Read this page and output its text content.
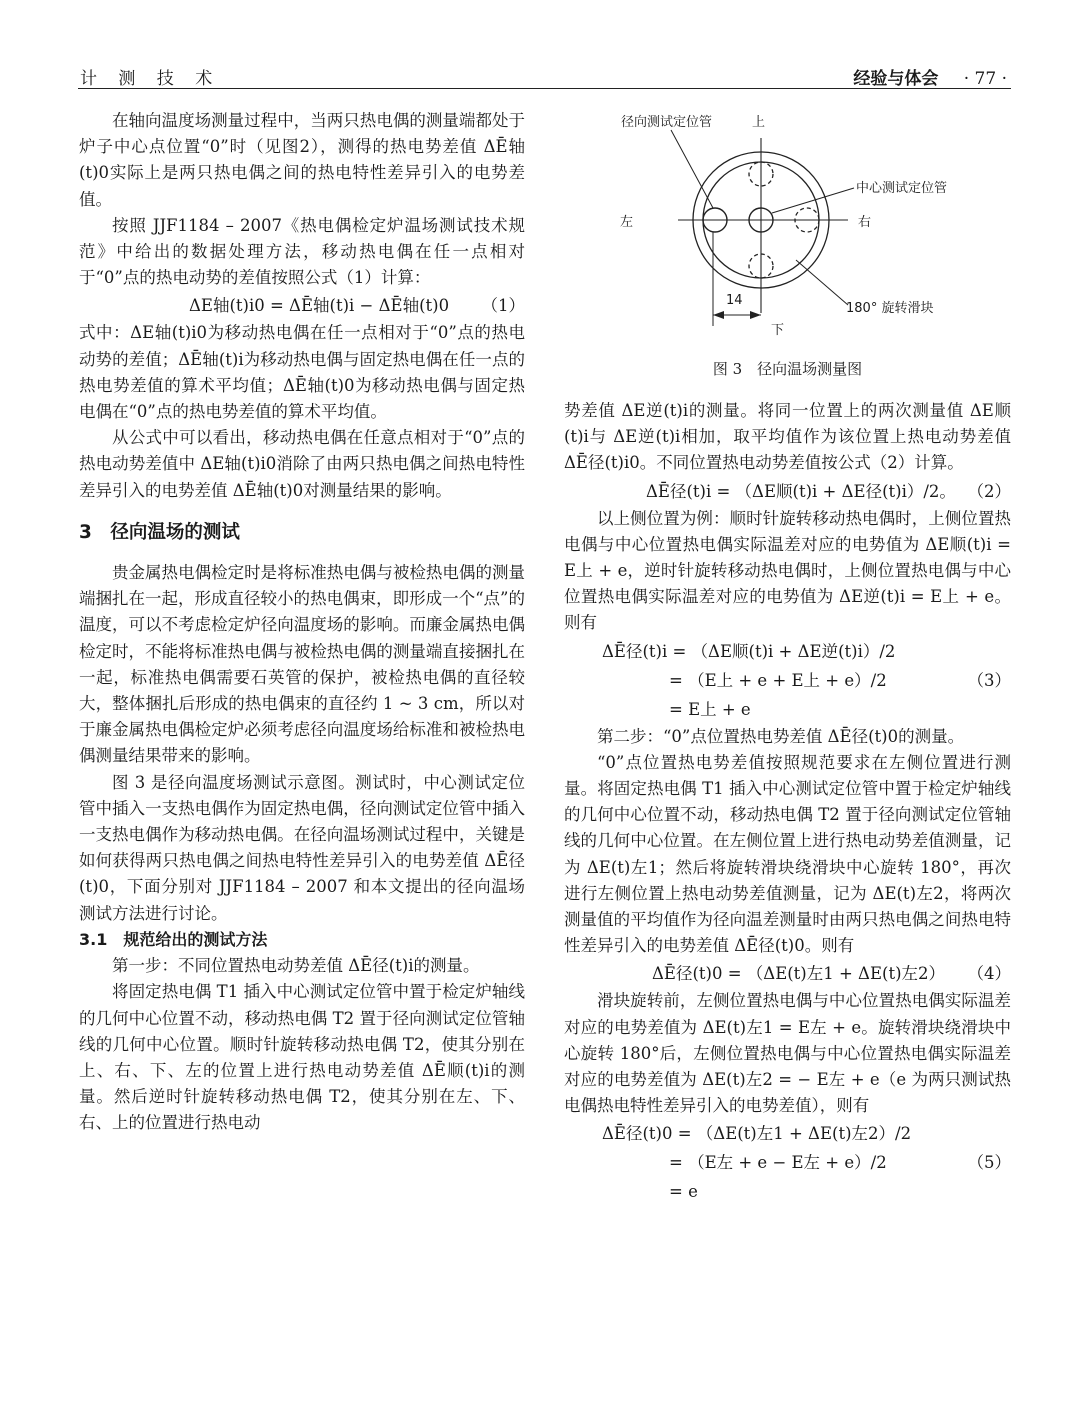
计 测 技 术	经验与体会 · 77 ·

在轴向温度场测量过程中，当两只热电偶的测量端都处于炉子中心点位置“0”时（见图2），测得的热电势差值 ΔĒ轴(t)0实际上是两只热电偶之间的热电特性差异引入的电势差值。

按照 JJF1184 – 2007《热电偶检定炉温场测试技术规范》中给出的数据处理方法，移动热电偶在任一点相对于“0”点的热电动势的差值按照公式（1）计算：

ΔE轴(t)i0 = ΔĒ轴(t)i − ΔĒ轴(t)0 （1）

式中：ΔE轴(t)i0为移动热电偶在任一点相对于“0”点的热电动势的差值；ΔĒ轴(t)i为移动热电偶与固定热电偶在任一点的热电势差值的算术平均值；ΔĒ轴(t)0为移动热电偶与固定热电偶在“0”点的热电势差值的算术平均值。

从公式中可以看出，移动热电偶在任意点相对于“0”点的热电动势差值中 ΔE轴(t)i0消除了由两只热电偶之间热电特性差异引入的电势差值 ΔĒ轴(t)0对测量结果的影响。

3　径向温场的测试

贵金属热电偶检定时是将标准热电偶与被检热电偶的测量端捆扎在一起，形成直径较小的热电偶束，即形成一个“点”的温度，可以不考虑检定炉径向温度场的影响。而廉金属热电偶检定时，不能将标准热电偶与被检热电偶的测量端直接捆扎在一起，标准热电偶需要石英管的保护，被检热电偶的直径较大，整体捆扎后形成的热电偶束的直径约 1 ~ 3 cm，所以对于廉金属热电偶检定炉必须考虑径向温度场给标准和被检热电偶测量结果带来的影响。

图 3 是径向温度场测试示意图。测试时，中心测试定位管中插入一支热电偶作为固定热电偶，径向测试定位管中插入一支热电偶作为移动热电偶。在径向温场测试过程中，关键是如何获得两只热电偶之间热电特性差异引入的电势差值 ΔĒ径(t)0，下面分别对 JJF1184 – 2007 和本文提出的径向温场测试方法进行讨论。

3.1　规范给出的测试方法

第一步：不同位置热电动势差值 ΔĒ径(t)i的测量。

将固定热电偶 T1 插入中心测试定位管中置于检定炉轴线的几何中心位置不动，移动热电偶 T2 置于径向测试定位管轴线的几何中心位置。顺时针旋转移动热电偶 T2，使其分别在上、右、下、左的位置上进行热电动势差值 ΔĒ顺(t)i的测量。然后逆时针旋转移动热电偶 T2，使其分别在左、下、右、上的位置进行热电动

径向测试定位管	上
中心测试定位管
左	右
14
180° 旋转滑块
下
图 3　径向温场测量图

势差值 ΔE逆(t)i的测量。将同一位置上的两次测量值 ΔE顺(t)i与 ΔE逆(t)i相加，取平均值作为该位置上热电动势差值 ΔĒ径(t)i0。不同位置热电动势差值按公式（2）计算。

ΔĒ径(t)i = （ΔE顺(t)i + ΔE径(t)i）/2。 （2）

以上侧位置为例：顺时针旋转移动热电偶时，上侧位置热电偶与中心位置热电偶实际温差对应的电势值为 ΔE顺(t)i = E上 + e，逆时针旋转移动热电偶时，上侧位置热电偶与中心位置热电偶实际温差对应的电势值为 ΔE逆(t)i = E上 + e。则有

ΔĒ径(t)i = （ΔE顺(t)i + ΔE逆(t)i）/2
= （E上 + e + E上 + e）/2	（3）
= E上 + e

第二步：“0”点位置热电势差值 ΔĒ径(t)0的测量。

“0”点位置热电势差值按照规范要求在左侧位置进行测量。将固定热电偶 T1 插入中心测试定位管中置于检定炉轴线的几何中心位置不动，移动热电偶 T2 置于径向测试定位管轴线的几何中心位置。在左侧位置上进行热电动势差值测量，记为 ΔE(t)左1；然后将旋转滑块绕滑块中心旋转 180°，再次进行左侧位置上热电动势差值测量，记为 ΔE(t)左2，将两次测量值的平均值作为径向温差测量时由两只热电偶之间热电特性差异引入的电势差值 ΔĒ径(t)0。则有

ΔĒ径(t)0 = （ΔE(t)左1 + ΔE(t)左2） （4）

滑块旋转前，左侧位置热电偶与中心位置热电偶实际温差对应的电势差值为 ΔE(t)左1 = E左 + e。旋转滑块绕滑块中心旋转 180°后，左侧位置热电偶与中心位置热电偶实际温差对应的电势差值为 ΔE(t)左2 = − E左 + e（e 为两只测试热电偶热电特性差异引入的电势差值），则有

ΔĒ径(t)0 = （ΔE(t)左1 + ΔE(t)左2）/2
= （E左 + e − E左 + e）/2	（5）
= e
